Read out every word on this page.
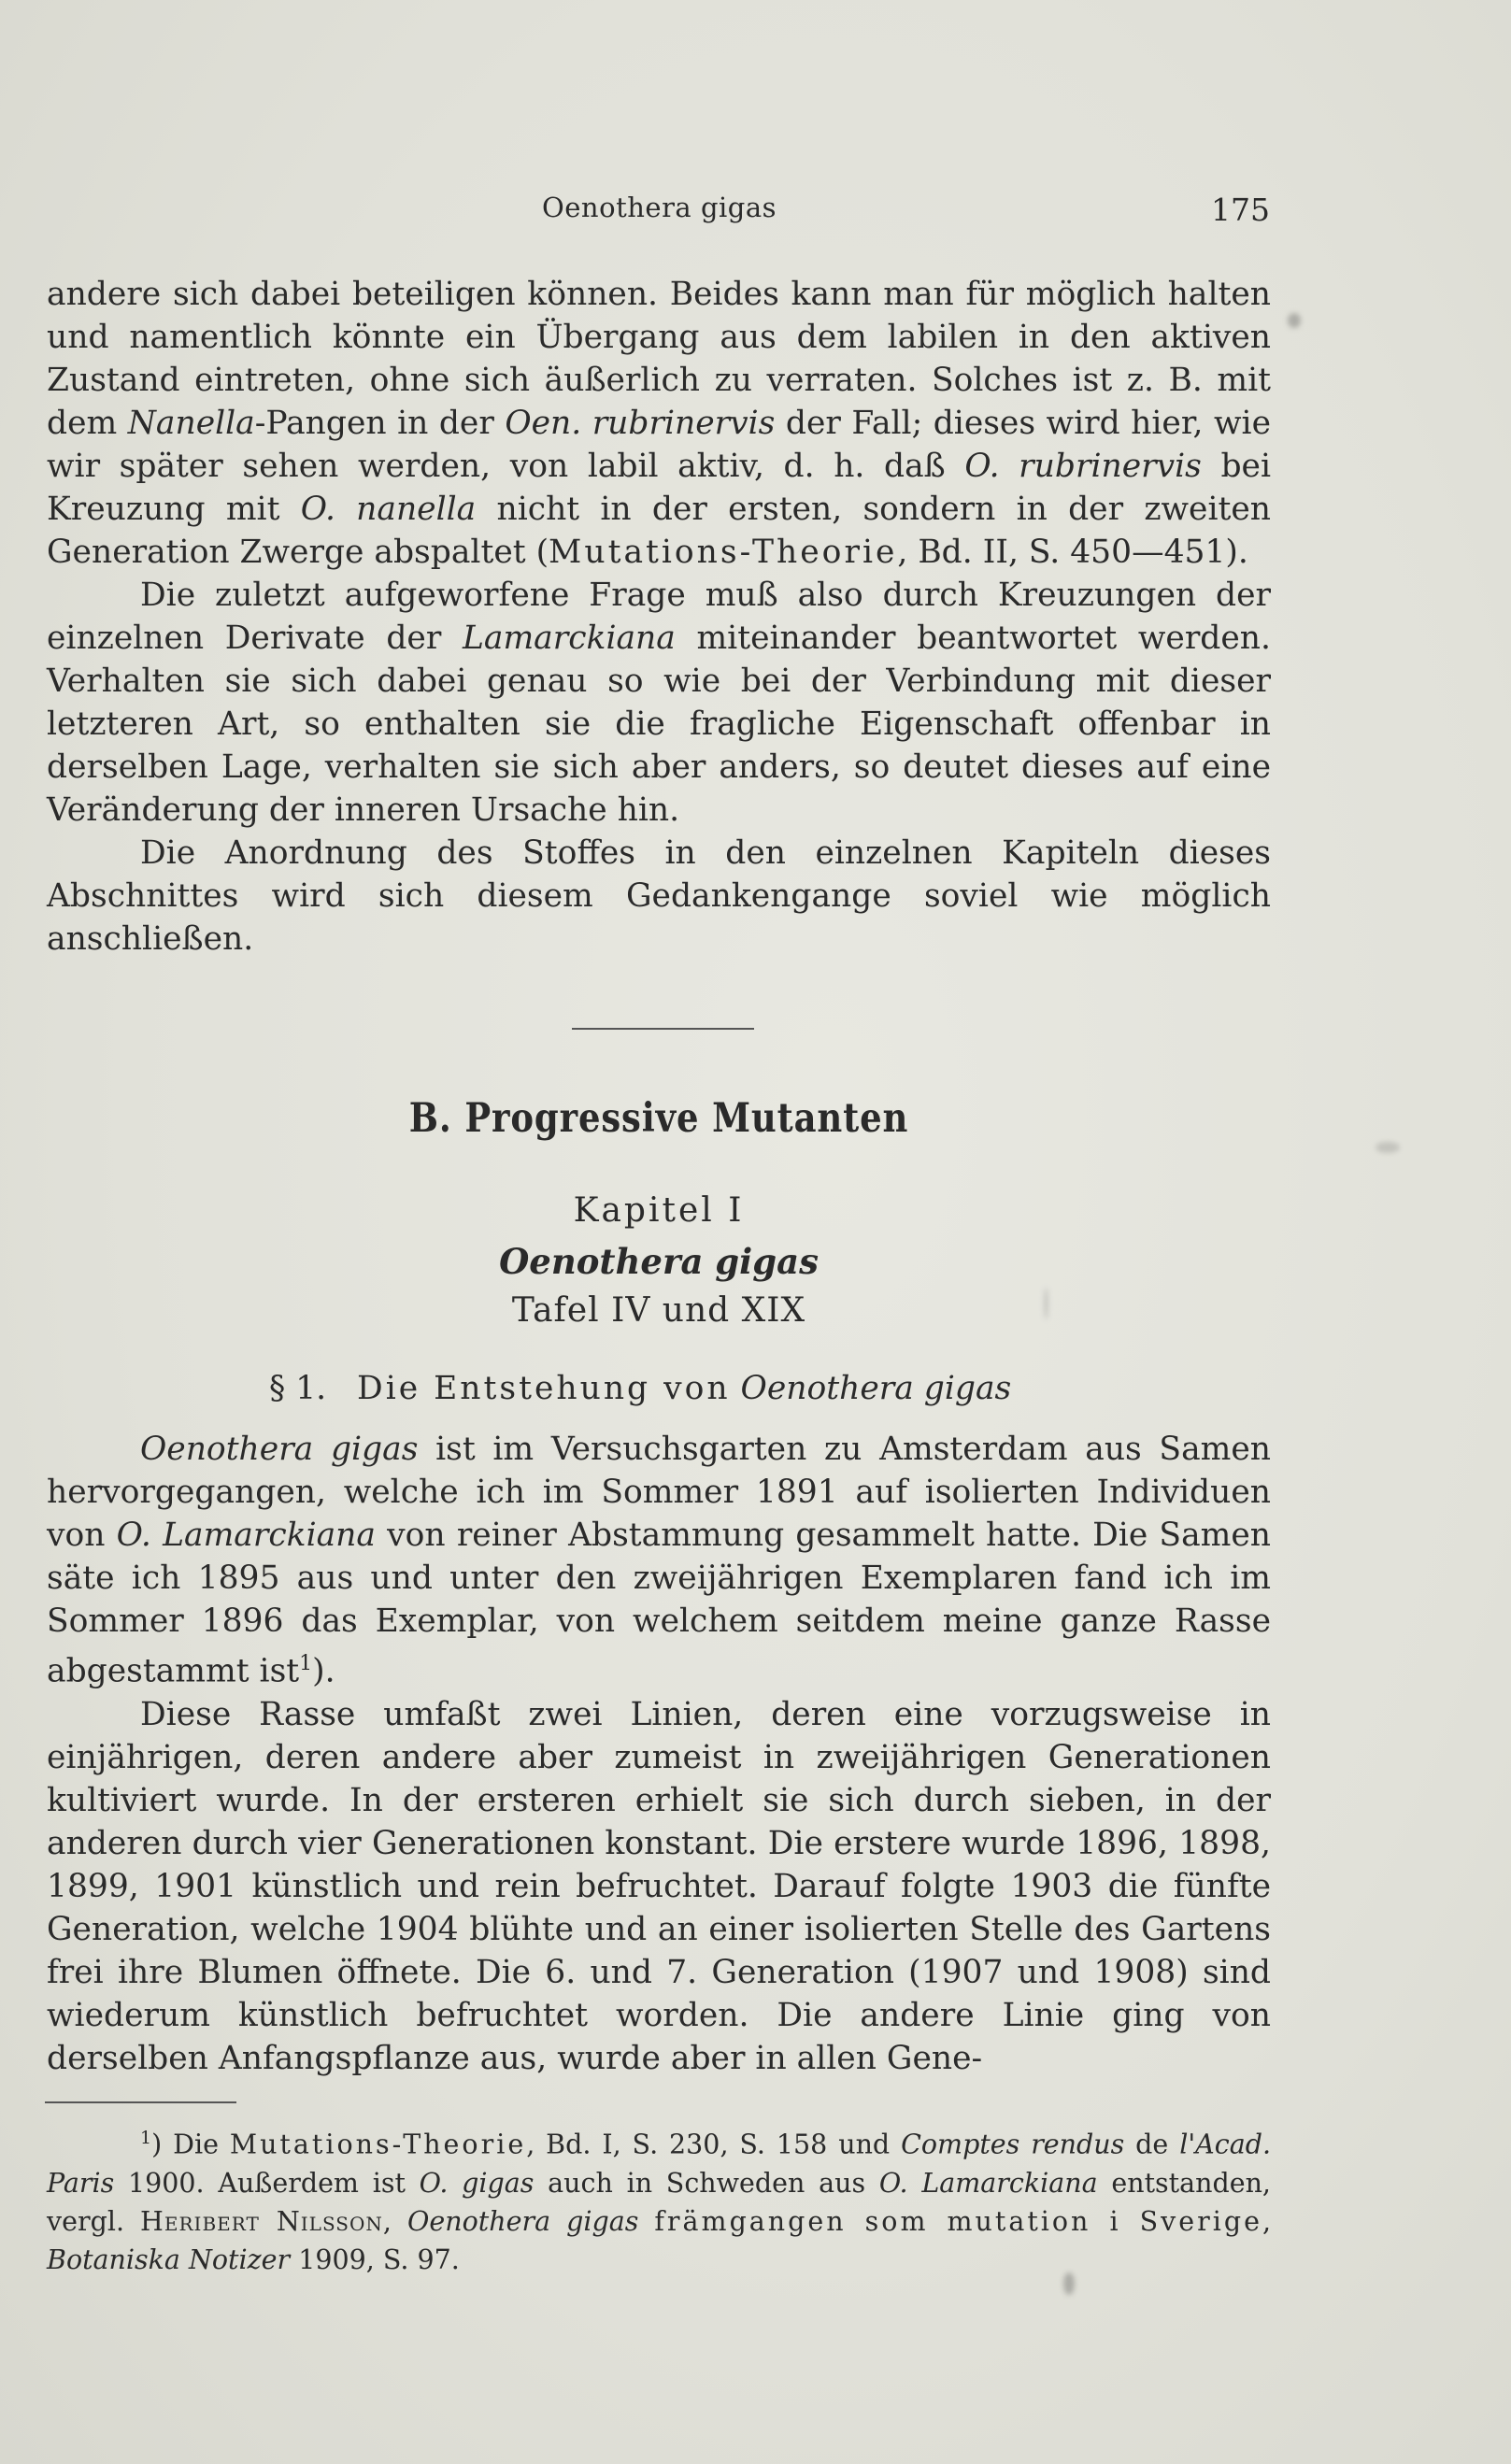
Oenothera gigas	175

andere sich dabei beteiligen können. Beides kann man für möglich halten und namentlich könnte ein Übergang aus dem labilen in den aktiven Zustand eintreten, ohne sich äußerlich zu verraten. Solches ist z. B. mit dem Nanella-Pangen in der Oen. rubrinervis der Fall; dieses wird hier, wie wir später sehen werden, von labil aktiv, d. h. daß O. rubrinervis bei Kreuzung mit O. nanella nicht in der ersten, sondern in der zweiten Generation Zwerge abspaltet (Mutations-Theorie, Bd. II, S. 450—451).

Die zuletzt aufgeworfene Frage muß also durch Kreuzungen der einzelnen Derivate der Lamarckiana miteinander beantwortet werden. Verhalten sie sich dabei genau so wie bei der Verbindung mit dieser letzteren Art, so enthalten sie die fragliche Eigenschaft offenbar in derselben Lage, verhalten sie sich aber anders, so deutet dieses auf eine Veränderung der inneren Ursache hin.

Die Anordnung des Stoffes in den einzelnen Kapiteln dieses Abschnittes wird sich diesem Gedankengange soviel wie möglich anschließen.

B. Progressive Mutanten
Kapitel I
Oenothera gigas
Tafel IV und XIX
§ 1. Die Entstehung von Oenothera gigas

Oenothera gigas ist im Versuchsgarten zu Amsterdam aus Samen hervorgegangen, welche ich im Sommer 1891 auf isolierten Individuen von O. Lamarckiana von reiner Abstammung gesammelt hatte. Die Samen säte ich 1895 aus und unter den zweijährigen Exemplaren fand ich im Sommer 1896 das Exemplar, von welchem seitdem meine ganze Rasse abgestammt ist$^1$).

Diese Rasse umfaßt zwei Linien, deren eine vorzugsweise in einjährigen, deren andere aber zumeist in zweijährigen Generationen kultiviert wurde. In der ersteren erhielt sie sich durch sieben, in der anderen durch vier Generationen konstant. Die erstere wurde 1896, 1898, 1899, 1901 künstlich und rein befruchtet. Darauf folgte 1903 die fünfte Generation, welche 1904 blühte und an einer isolierten Stelle des Gartens frei ihre Blumen öffnete. Die 6. und 7. Generation (1907 und 1908) sind wiederum künstlich befruchtet worden. Die andere Linie ging von derselben Anfangspflanze aus, wurde aber in allen Gene-

$^1$) Die Mutations-Theorie, Bd. I, S. 230, S. 158 und Comptes rendus de l'Acad. Paris 1900. Außerdem ist O. gigas auch in Schweden aus O. Lamarckiana entstanden, vergl. Heribert Nilsson, Oenothera gigas främgangen som mutation i Sverige, Botaniska Notizer 1909, S. 97.
